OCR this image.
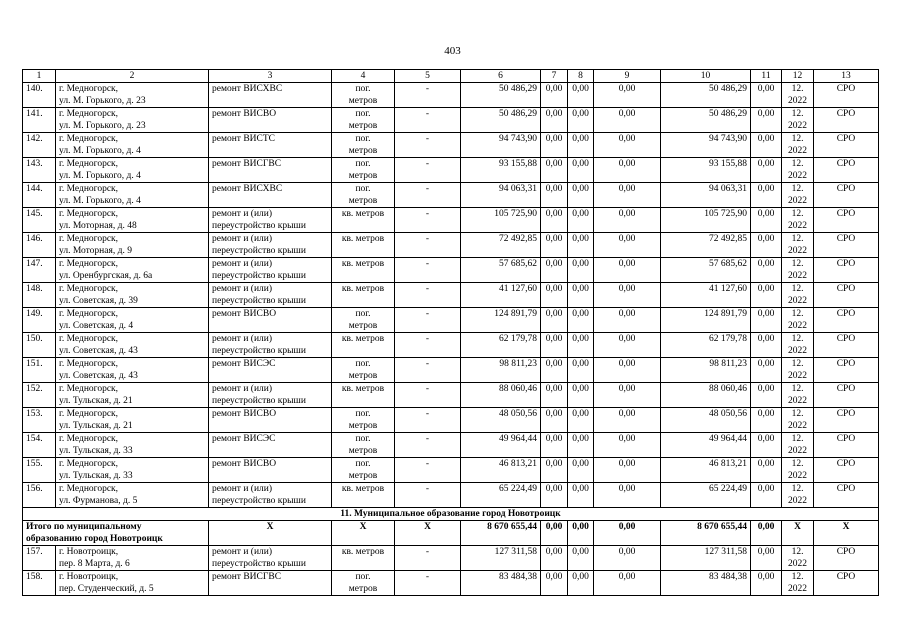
403
1	2	3	4	5	6	7	8	9	10	11	12	13
140.	г. Медногорск,
ул. М. Горького, д. 23	ремонт ВИСХВС	пог.
метров	-	50 486,29	0,00	0,00	0,00	50 486,29	0,00	12.
2022	СРО
141.	г. Медногорск,
ул. М. Горького, д. 23	ремонт ВИСВО	пог.
метров	-	50 486,29	0,00	0,00	0,00	50 486,29	0,00	12.
2022	СРО
142.	г. Медногорск,
ул. М. Горького, д. 4	ремонт ВИСТС	пог.
метров	-	94 743,90	0,00	0,00	0,00	94 743,90	0,00	12.
2022	СРО
143.	г. Медногорск,
ул. М. Горького, д. 4	ремонт ВИСГВС	пог.
метров	-	93 155,88	0,00	0,00	0,00	93 155,88	0,00	12.
2022	СРО
144.	г. Медногорск,
ул. М. Горького, д. 4	ремонт ВИСХВС	пог.
метров	-	94 063,31	0,00	0,00	0,00	94 063,31	0,00	12.
2022	СРО
145.	г. Медногорск,
ул. Моторная, д. 48	ремонт и (или)
переустройство крыши	кв. метров	-	105 725,90	0,00	0,00	0,00	105 725,90	0,00	12.
2022	СРО
146.	г. Медногорск,
ул. Моторная, д. 9	ремонт и (или)
переустройство крыши	кв. метров	-	72 492,85	0,00	0,00	0,00	72 492,85	0,00	12.
2022	СРО
147.	г. Медногорск,
ул. Оренбургская, д. 6а	ремонт и (или)
переустройство крыши	кв. метров	-	57 685,62	0,00	0,00	0,00	57 685,62	0,00	12.
2022	СРО
148.	г. Медногорск,
ул. Советская, д. 39	ремонт и (или)
переустройство крыши	кв. метров	-	41 127,60	0,00	0,00	0,00	41 127,60	0,00	12.
2022	СРО
149.	г. Медногорск,
ул. Советская, д. 4	ремонт ВИСВО	пог.
метров	-	124 891,79	0,00	0,00	0,00	124 891,79	0,00	12.
2022	СРО
150.	г. Медногорск,
ул. Советская, д. 43	ремонт и (или)
переустройство крыши	кв. метров	-	62 179,78	0,00	0,00	0,00	62 179,78	0,00	12.
2022	СРО
151.	г. Медногорск,
ул. Советская, д. 43	ремонт ВИСЭС	пог.
метров	-	98 811,23	0,00	0,00	0,00	98 811,23	0,00	12.
2022	СРО
152.	г. Медногорск,
ул. Тульская, д. 21	ремонт и (или)
переустройство крыши	кв. метров	-	88 060,46	0,00	0,00	0,00	88 060,46	0,00	12.
2022	СРО
153.	г. Медногорск,
ул. Тульская, д. 21	ремонт ВИСВО	пог.
метров	-	48 050,56	0,00	0,00	0,00	48 050,56	0,00	12.
2022	СРО
154.	г. Медногорск,
ул. Тульская, д. 33	ремонт ВИСЭС	пог.
метров	-	49 964,44	0,00	0,00	0,00	49 964,44	0,00	12.
2022	СРО
155.	г. Медногорск,
ул. Тульская, д. 33	ремонт ВИСВО	пог.
метров	-	46 813,21	0,00	0,00	0,00	46 813,21	0,00	12.
2022	СРО
156.	г. Медногорск,
ул. Фурманова, д. 5	ремонт и (или)
переустройство крыши	кв. метров	-	65 224,49	0,00	0,00	0,00	65 224,49	0,00	12.
2022	СРО
11. Муниципальное образование город Новотроицк												

Итого по муниципальному
образованию город Новотроицк		X	X	X	8 670 655,44	0,00	0,00	0,00	8 670 655,44	0,00	X	X
157.	г. Новотроицк,
пер. 8 Марта, д. 6	ремонт и (или)
переустройство крыши	кв. метров	-	127 311,58	0,00	0,00	0,00	127 311,58	0,00	12.
2022	СРО
158.	г. Новотроицк,
пер. Студенческий, д. 5	ремонт ВИСГВС	пог.
метров	-	83 484,38	0,00	0,00	0,00	83 484,38	0,00	12.
2022	СРО
